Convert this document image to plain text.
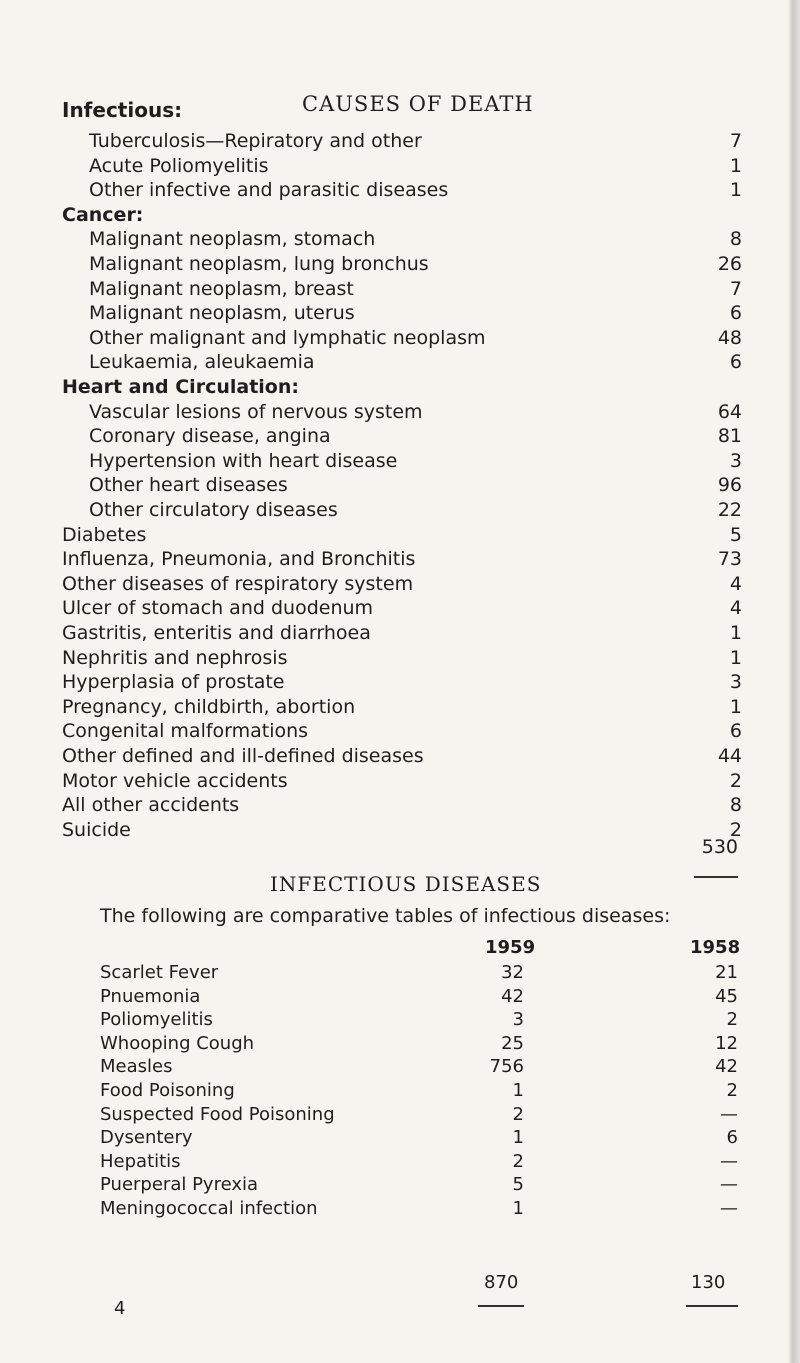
Infectious:	CAUSES OF DEATH
Tuberculosis—Repiratory and other	7
Acute Poliomyelitis	1
Other infective and parasitic diseases	1
Cancer:
Malignant neoplasm, stomach	8
Malignant neoplasm, lung bronchus	26
Malignant neoplasm, breast	7
Malignant neoplasm, uterus	6
Other malignant and lymphatic neoplasm	48
Leukaemia, aleukaemia	6
Heart and Circulation:
Vascular lesions of nervous system	64
Coronary disease, angina	81
Hypertension with heart disease	3
Other heart diseases	96
Other circulatory diseases	22
Diabetes	5
Influenza, Pneumonia, and Bronchitis	73
Other diseases of respiratory system	4
Ulcer of stomach and duodenum	4
Gastritis, enteritis and diarrhoea	1
Nephritis and nephrosis	1
Hyperplasia of prostate	3
Pregnancy, childbirth, abortion	1
Congenital malformations	6
Other defined and ill-defined diseases	44
Motor vehicle accidents	2
All other accidents	8
Suicide	2
530
INFECTIOUS DISEASES
The following are comparative tables of infectious diseases:
1959	1958
Scarlet Fever	32	21
Pnuemonia	42	45
Poliomyelitis	3	2
Whooping Cough	25	12
Measles	756	42
Food Poisoning	1	2
Suspected Food Poisoning	2	—
Dysentery	1	6
Hepatitis	2	—
Puerperal Pyrexia	5	—
Meningococcal infection	1	—
870	130
4
